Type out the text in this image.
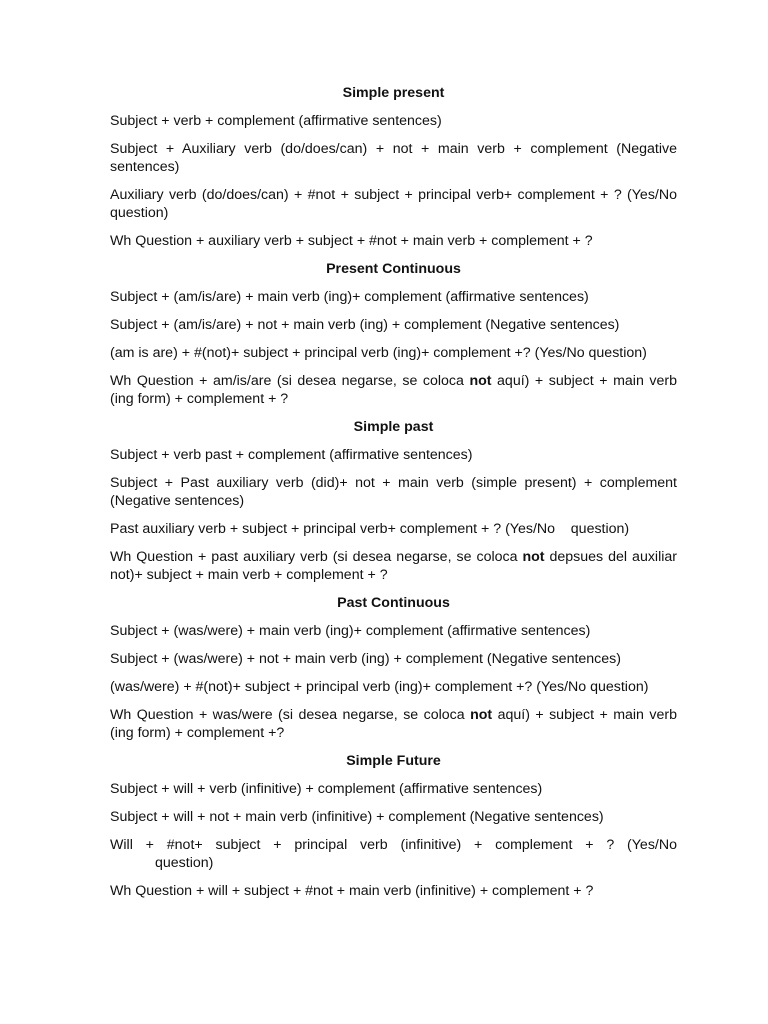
Simple present
Subject + verb + complement (affirmative sentences)
Subject + Auxiliary verb (do/does/can) + not + main verb + complement (Negative sentences)
Auxiliary verb (do/does/can) + #not + subject + principal verb+ complement + ? (Yes/No        question)
Wh Question + auxiliary verb + subject + #not + main verb + complement + ?
Present Continuous
Subject + (am/is/are) + main verb (ing)+ complement (affirmative sentences)
Subject + (am/is/are) + not + main verb (ing) + complement (Negative sentences)
(am is are) + #(not)+ subject + principal verb (ing)+ complement +? (Yes/No question)
Wh Question + am/is/are (si desea negarse, se coloca not aquí) + subject + main verb (ing form) + complement + ?
Simple past
Subject + verb past + complement (affirmative sentences)
Subject + Past auxiliary verb (did)+ not + main verb (simple present) + complement (Negative sentences)
Past auxiliary verb + subject + principal verb+ complement + ? (Yes/No    question)
Wh Question + past auxiliary verb (si desea negarse, se coloca not depsues del auxiliar not)+ subject + main verb + complement + ?
Past Continuous
Subject + (was/were) + main verb (ing)+ complement (affirmative sentences)
Subject + (was/were) + not + main verb (ing) + complement (Negative sentences)
(was/were) + #(not)+ subject + principal verb (ing)+ complement +? (Yes/No question)
Wh Question + was/were (si desea negarse, se coloca not aquí) + subject + main verb (ing form) + complement +?
Simple Future
Subject + will + verb (infinitive) + complement (affirmative sentences)
Subject + will + not + main verb (infinitive) + complement (Negative sentences)
Will + #not+ subject + principal verb (infinitive) + complement + ? (Yes/No
question)
Wh Question + will + subject + #not + main verb (infinitive) + complement + ?
